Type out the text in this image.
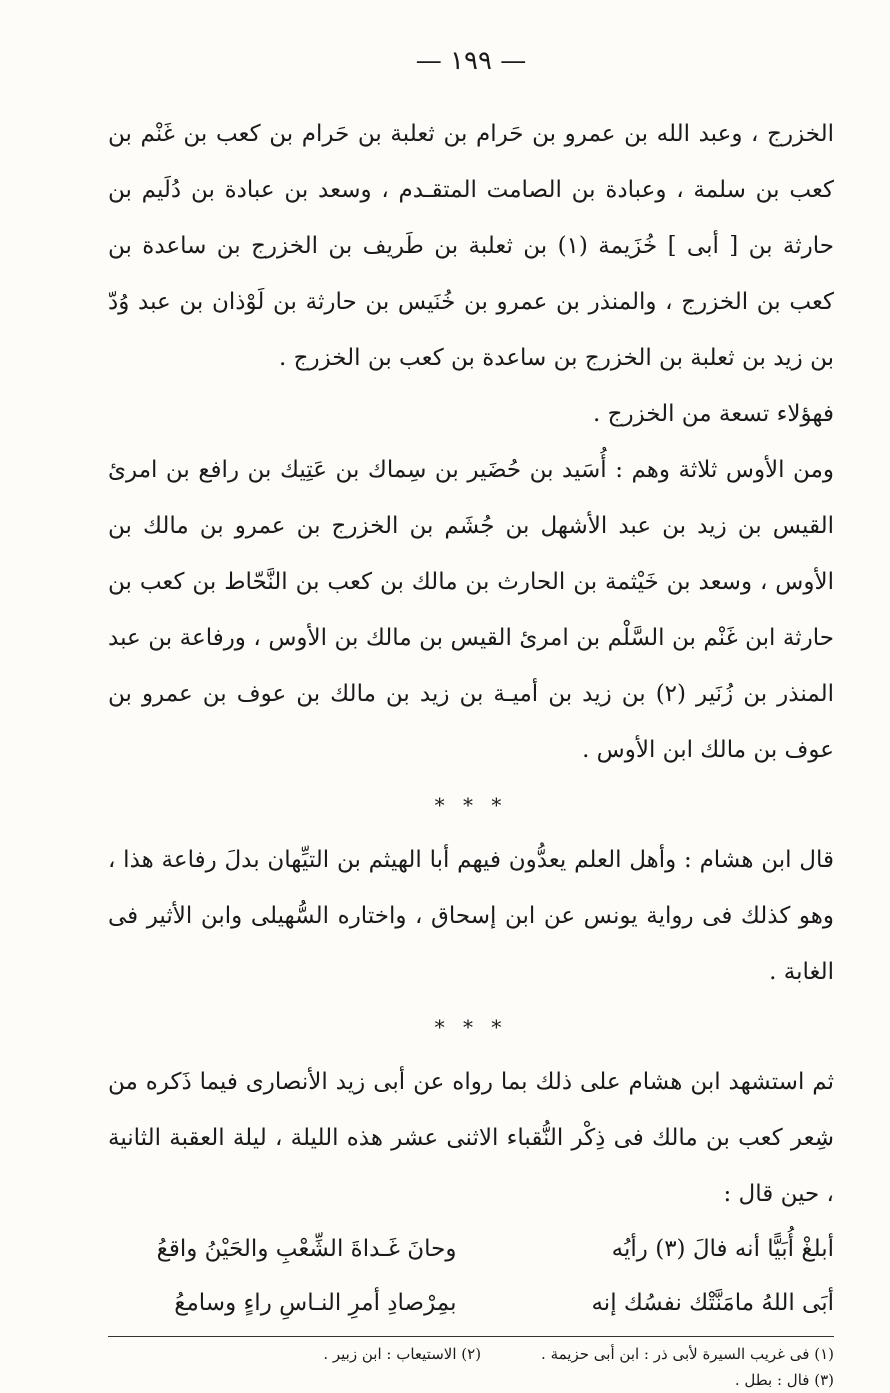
— ١٩٩ —

الخزرج ، وعبد الله بن عمرو بن حَرام بن ثعلبة بن حَرام بن كعب بن غَنْم بن كعب بن سلمة ، وعبادة بن الصامت المتقـدم ، وسعد بن عبادة بن دُلَيم بن حارثة بن [ أبى ] خُزَيمة (١) بن ثعلبة بن طَريف بن الخزرج بن ساعدة بن كعب بن الخزرج ، والمنذر بن عمرو بن خُنَيس بن حارثة بن لَوْذان بن عبد وُدّ بن زيد بن ثعلبة بن الخزرج بن ساعدة بن كعب بن الخزرج .

فهؤلاء تسعة من الخزرج .

ومن الأوس ثلاثة وهم : أُسَيد بن حُضَير بن سِماك بن عَتِيك بن رافع بن امرئ القيس بن زيد بن عبد الأشهل بن جُشَم بن الخزرج بن عمرو بن مالك بن الأوس ، وسعد بن خَيْثمة بن الحارث بن مالك بن كعب بن النَّحّاط بن كعب بن حارثة ابن غَنْم بن السَّلْم بن امرئ القيس بن مالك بن الأوس ، ورفاعة بن عبد المنذر بن زُنَير (٢) بن زيد بن أميـة بن زيد بن مالك بن عوف بن عمرو بن عوف بن مالك ابن الأوس .

* * *

قال ابن هشام : وأهل العلم يعدُّون فيهم أبا الهيثم بن التيِّهان بدلَ رفاعة هذا ، وهو كذلك فى رواية يونس عن ابن إسحاق ، واختاره السُّهيلى وابن الأثير فى الغابة .

* * *

ثم استشهد ابن هشام على ذلك بما رواه عن أبى زيد الأنصارى فيما ذَكره من شِعر كعب بن مالك فى ذِكْر النُّقباء الاثنى عشر هذه الليلة ، ليلة العقبة الثانية ، حين قال :

أبلغْ أُبَيًّا أنه فالَ (٣) رأيُه
وحانَ غَـداةَ الشِّعْبِ والحَيْنُ واقعُ
أبَى اللهُ مامَنَّتْك نفسُك إنه
بمِرْصادِ أمرِ النـاسِ راءٍ وسامعُ
(١) فى غريب السيرة لأبى ذر : ابن أبى حزيمة .
(٢) الاستيعاب : ابن زبير .
(٣) فال : بطل .
